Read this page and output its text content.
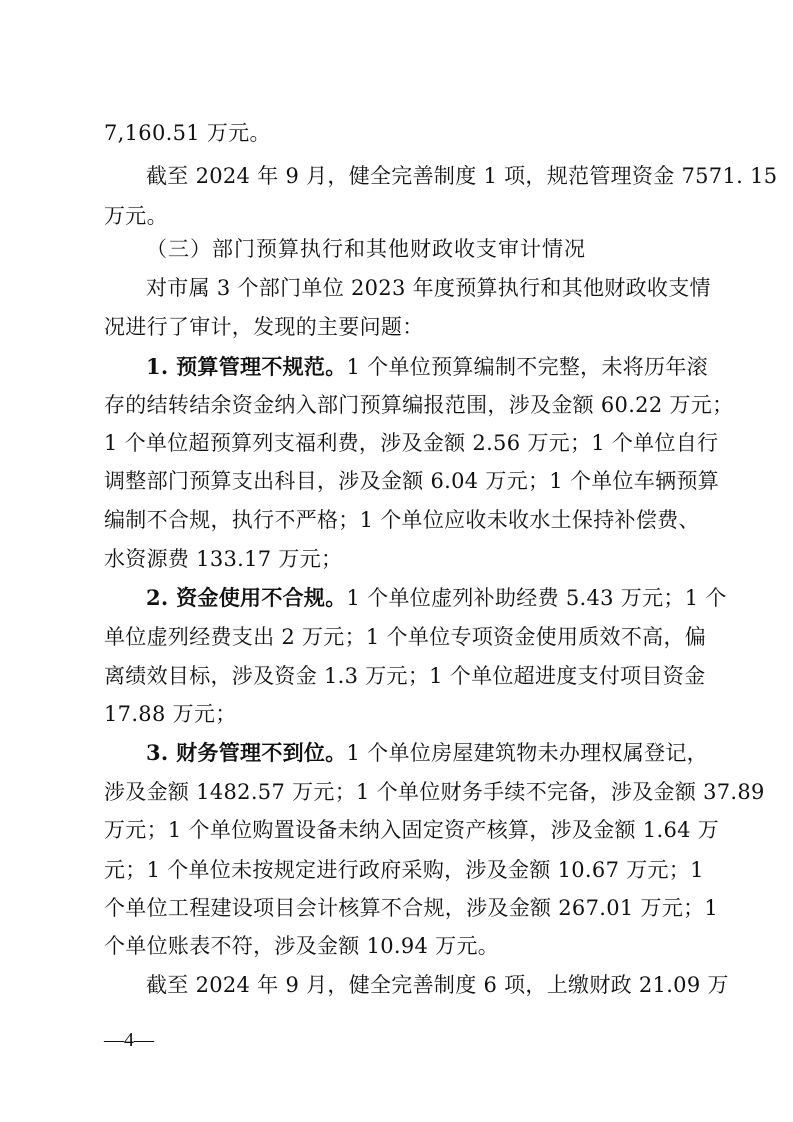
7,160.51 万元。
截至 2024 年 9 月，健全完善制度 1 项，规范管理资金 7571. 15
万元。
（三）部门预算执行和其他财政收支审计情况
对市属 3 个部门单位 2023 年度预算执行和其他财政收支情
况进行了审计，发现的主要问题：
1. 预算管理不规范。1 个单位预算编制不完整，未将历年滚
存的结转结余资金纳入部门预算编报范围，涉及金额 60.22 万元；
1 个单位超预算列支福利费，涉及金额 2.56 万元；1 个单位自行
调整部门预算支出科目，涉及金额 6.04 万元；1 个单位车辆预算
编制不合规，执行不严格；1 个单位应收未收水土保持补偿费、
水资源费 133.17 万元；
2. 资金使用不合规。1 个单位虚列补助经费 5.43 万元；1 个
单位虚列经费支出 2 万元；1 个单位专项资金使用质效不高，偏
离绩效目标，涉及资金 1.3 万元；1 个单位超进度支付项目资金
17.88 万元；
3. 财务管理不到位。1 个单位房屋建筑物未办理权属登记，
涉及金额 1482.57 万元；1 个单位财务手续不完备，涉及金额 37.89
万元；1 个单位购置设备未纳入固定资产核算，涉及金额 1.64 万
元；1 个单位未按规定进行政府采购，涉及金额 10.67 万元；1
个单位工程建设项目会计核算不合规，涉及金额 267.01 万元；1
个单位账表不符，涉及金额 10.94 万元。
截至 2024 年 9 月，健全完善制度 6 项，上缴财政 21.09 万
—4—
